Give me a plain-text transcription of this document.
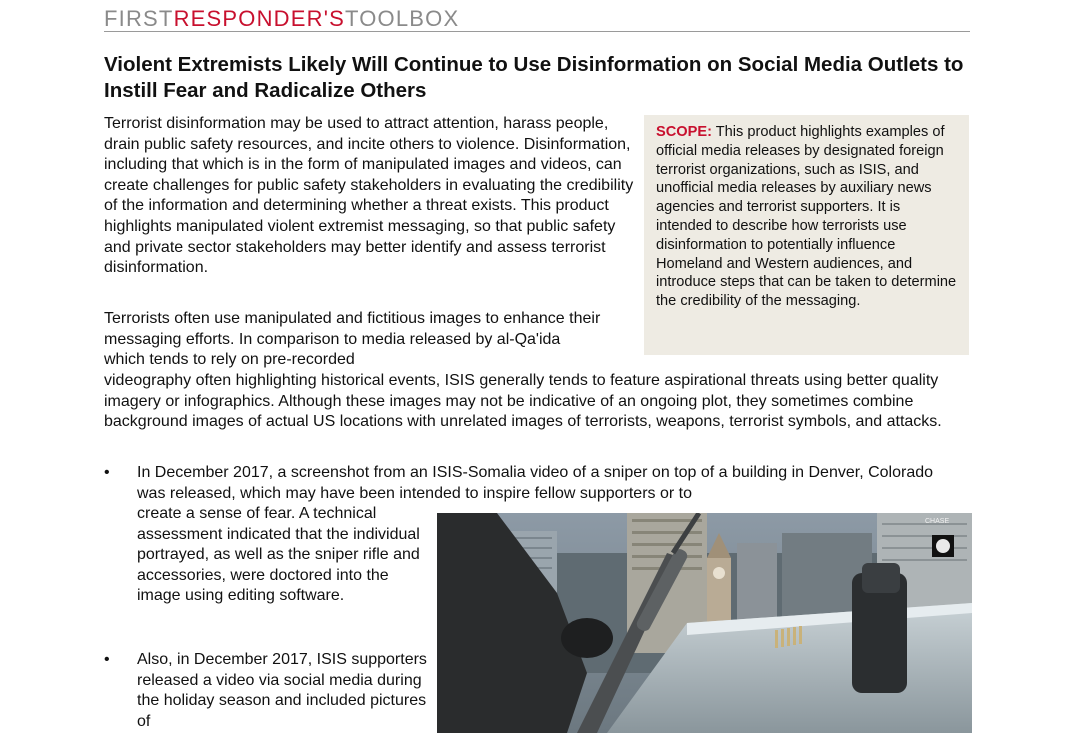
FIRSTRESPONDER'STOOLBOX
Violent Extremists Likely Will Continue to Use Disinformation on Social Media Outlets to Instill Fear and Radicalize Others

Terrorist disinformation may be used to attract attention, harass people, drain public safety resources, and incite others to violence. Disinformation, including that which is in the form of manipulated images and videos, can create challenges for public safety stakeholders in evaluating the credibility of the information and determining whether a threat exists. This product highlights manipulated violent extremist messaging, so that public safety and private sector stakeholders may better identify and assess terrorist disinformation.

SCOPE: This product highlights examples of official media releases by designated foreign terrorist organizations, such as ISIS, and unofficial media releases by auxiliary news agencies and terrorist supporters. It is intended to describe how terrorists use disinformation to potentially influence Homeland and Western audiences, and introduce steps that can be taken to determine the credibility of the messaging.

Terrorists often use manipulated and fictitious images to enhance their messaging efforts. In comparison to media released by al-Qa'ida which tends to rely on pre-recorded

videography often highlighting historical events, ISIS generally tends to feature aspirational threats using better quality imagery or infographics. Although these images may not be indicative of an ongoing plot, they sometimes combine background images of actual US locations with unrelated images of terrorists, weapons, terrorist symbols, and attacks.

• In December 2017, a screenshot from an ISIS-Somalia video of a sniper on top of a building in Denver, Colorado was released, which may have been intended to inspire fellow supporters or to
create a sense of fear. A technical assessment indicated that the individual portrayed, as well as the sniper rifle and accessories, were doctored into the image using editing software.
• Also, in December 2017, ISIS supporters released a video via social media during the holiday season and included pictures of
CHASE
